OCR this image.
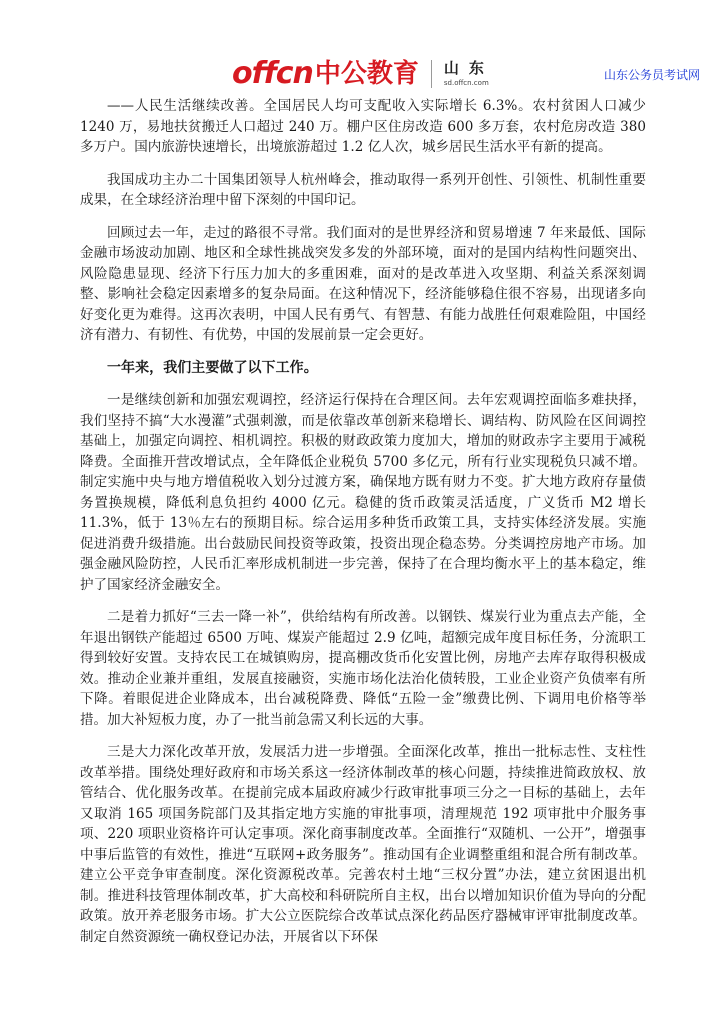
offcn 中公教育 山东
sd.offcn.com
山东公务员考试网

——人民生活继续改善。全国居民人均可支配收入实际增长 6.3%。农村贫困人口减少 1240 万，易地扶贫搬迁人口超过 240 万。棚户区住房改造 600 多万套，农村危房改造 380 多万户。国内旅游快速增长，出境旅游超过 1.2 亿人次，城乡居民生活水平有新的提高。

我国成功主办二十国集团领导人杭州峰会，推动取得一系列开创性、引领性、机制性重要成果，在全球经济治理中留下深刻的中国印记。

回顾过去一年，走过的路很不寻常。我们面对的是世界经济和贸易增速 7 年来最低、国际金融市场波动加剧、地区和全球性挑战突发多发的外部环境，面对的是国内结构性问题突出、风险隐患显现、经济下行压力加大的多重困难，面对的是改革进入攻坚期、利益关系深刻调整、影响社会稳定因素增多的复杂局面。在这种情况下，经济能够稳住很不容易，出现诸多向好变化更为难得。这再次表明，中国人民有勇气、有智慧、有能力战胜任何艰难险阻，中国经济有潜力、有韧性、有优势，中国的发展前景一定会更好。

一年来，我们主要做了以下工作。

一是继续创新和加强宏观调控，经济运行保持在合理区间。去年宏观调控面临多难抉择，我们坚持不搞“大水漫灌”式强刺激，而是依靠改革创新来稳增长、调结构、防风险在区间调控基础上，加强定向调控、相机调控。积极的财政政策力度加大，增加的财政赤字主要用于减税降费。全面推开营改增试点，全年降低企业税负 5700 多亿元，所有行业实现税负只减不增。制定实施中央与地方增值税收入划分过渡方案，确保地方既有财力不变。扩大地方政府存量债务置换规模，降低利息负担约 4000 亿元。稳健的货币政策灵活适度，广义货币 M2 增长 11.3%，低于 13％左右的预期目标。综合运用多种货币政策工具，支持实体经济发展。实施促进消费升级措施。出台鼓励民间投资等政策，投资出现企稳态势。分类调控房地产市场。加强金融风险防控，人民币汇率形成机制进一步完善，保持了在合理均衡水平上的基本稳定，维护了国家经济金融安全。

二是着力抓好“三去一降一补”，供给结构有所改善。以钢铁、煤炭行业为重点去产能，全年退出钢铁产能超过 6500 万吨、煤炭产能超过 2.9 亿吨，超额完成年度目标任务，分流职工得到较好安置。支持农民工在城镇购房，提高棚改货币化安置比例，房地产去库存取得积极成效。推动企业兼并重组，发展直接融资，实施市场化法治化债转股，工业企业资产负债率有所下降。着眼促进企业降成本，出台减税降费、降低“五险一金”缴费比例、下调用电价格等举措。加大补短板力度，办了一批当前急需又利长远的大事。

三是大力深化改革开放，发展活力进一步增强。全面深化改革，推出一批标志性、支柱性改革举措。围绕处理好政府和市场关系这一经济体制改革的核心问题，持续推进简政放权、放管结合、优化服务改革。在提前完成本届政府减少行政审批事项三分之一目标的基础上，去年又取消 165 项国务院部门及其指定地方实施的审批事项，清理规范 192 项审批中介服务事项、220 项职业资格许可认定事项。深化商事制度改革。全面推行“双随机、一公开”，增强事中事后监管的有效性，推进“互联网+政务服务”。推动国有企业调整重组和混合所有制改革。建立公平竞争审查制度。深化资源税改革。完善农村土地“三权分置”办法，建立贫困退出机制。推进科技管理体制改革，扩大高校和科研院所自主权，出台以增加知识价值为导向的分配政策。放开养老服务市场。扩大公立医院综合改革试点深化药品医疗器械审评审批制度改革。制定自然资源统一确权登记办法，开展省以下环保
